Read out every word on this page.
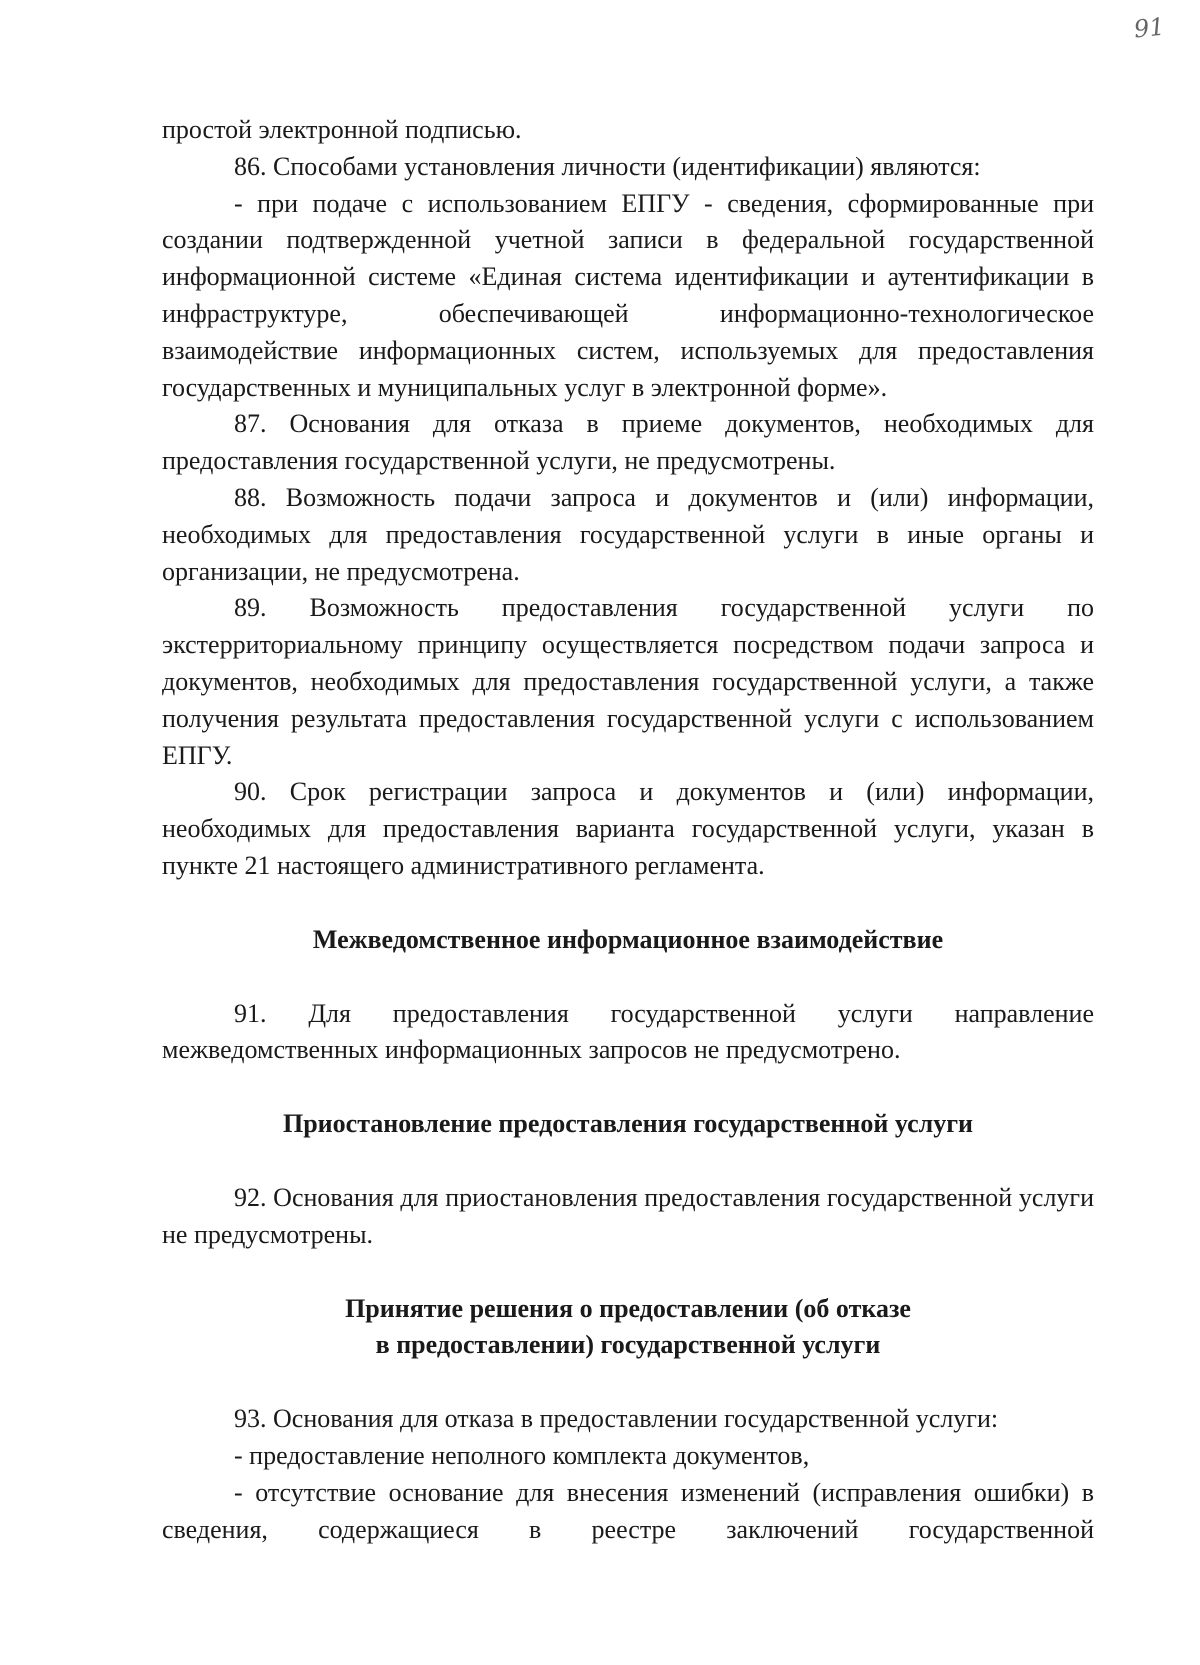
91

простой электронной подписью.

86. Способами установления личности (идентификации) являются:

- при подаче с использованием ЕПГУ - сведения, сформированные при создании подтвержденной учетной записи в федеральной государственной информационной системе «Единая система идентификации и аутентификации в инфраструктуре, обеспечивающей информационно-технологическое взаимодействие информационных систем, используемых для предоставления государственных и муниципальных услуг в электронной форме».

87. Основания для отказа в приеме документов, необходимых для предоставления государственной услуги, не предусмотрены.

88. Возможность подачи запроса и документов и (или) информации, необходимых для предоставления государственной услуги в иные органы и организации, не предусмотрена.

89. Возможность предоставления государственной услуги по экстерриториальному принципу осуществляется посредством подачи запроса и документов, необходимых для предоставления государственной услуги, а также получения результата предоставления государственной услуги с использованием ЕПГУ.

90. Срок регистрации запроса и документов и (или) информации, необходимых для предоставления варианта государственной услуги, указан в пункте 21 настоящего административного регламента.

Межведомственное информационное взаимодействие

91. Для предоставления государственной услуги направление межведомственных информационных запросов не предусмотрено.

Приостановление предоставления государственной услуги

92. Основания для приостановления предоставления государственной услуги не предусмотрены.

Принятие решения о предоставлении (об отказе
в предоставлении) государственной услуги

93. Основания для отказа в предоставлении государственной услуги:

- предоставление неполного комплекта документов,

- отсутствие основание для внесения изменений (исправления ошибки) в сведения, содержащиеся в реестре заключений государственной
